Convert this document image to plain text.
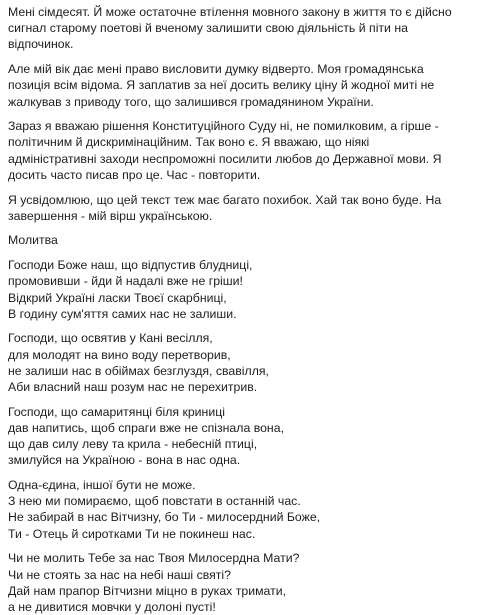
Мені сімдесят. Й може остаточне втілення мовного закону в життя то є дійсно
сигнал старому поетові й вченому залишити свою діяльність й піти на
відпочинок.
Але мій вік дає мені право висловити думку відверто. Моя громадянська
позиція всім відома. Я заплатив за неї досить велику ціну й жодної миті не
жалкував з приводу того, що залишився громадянином України.
Зараз я вважаю рішення Конституційного Суду ні, не помилковим, а гірше -
політичним й дискримінаційним. Так воно є. Я вважаю, що ніякі
адміністративні заходи неспроможні посилити любов до Державної мови. Я
досить часто писав про це. Час - повторити.
Я усвідомлюю, що цей текст теж має багато похибок. Хай так воно буде. На
завершення - мій вірш українською.
Молитва
Господи Боже наш, що відпустив блудниці,
промовивши - йди й надалі вже не гріши!
Відкрий Україні ласки Твоєї скарбниці,
В годину сум'яття самих нас не залиши.
Господи, що освятив у Кані весілля,
для молодят на вино воду перетворив,
не залиши нас в обіймах безглуздя, свавілля,
Аби власний наш розум нас не перехитрив.
Господи, що самаритянці біля криниці
дав напитись, щоб спраги вже не спізнала вона,
що дав силу леву та крила - небесній птиці,
змилуйся на Україною - вона в нас одна.
Одна-єдина, іншої бути не може.
З нею ми помираємо, щоб повстати в останній час.
Не забирай в нас Вітчизну, бо Ти - милосердний Боже,
Ти - Отець й сиротками Ти не покинеш нас.
Чи не молить Тебе за нас Твоя Милосердна Мати?
Чи не стоять за нас на небі наші святі?
Дай нам прапор Вітчизни міцно в руках тримати,
а не дивитися мовчки у долоні пусті!
